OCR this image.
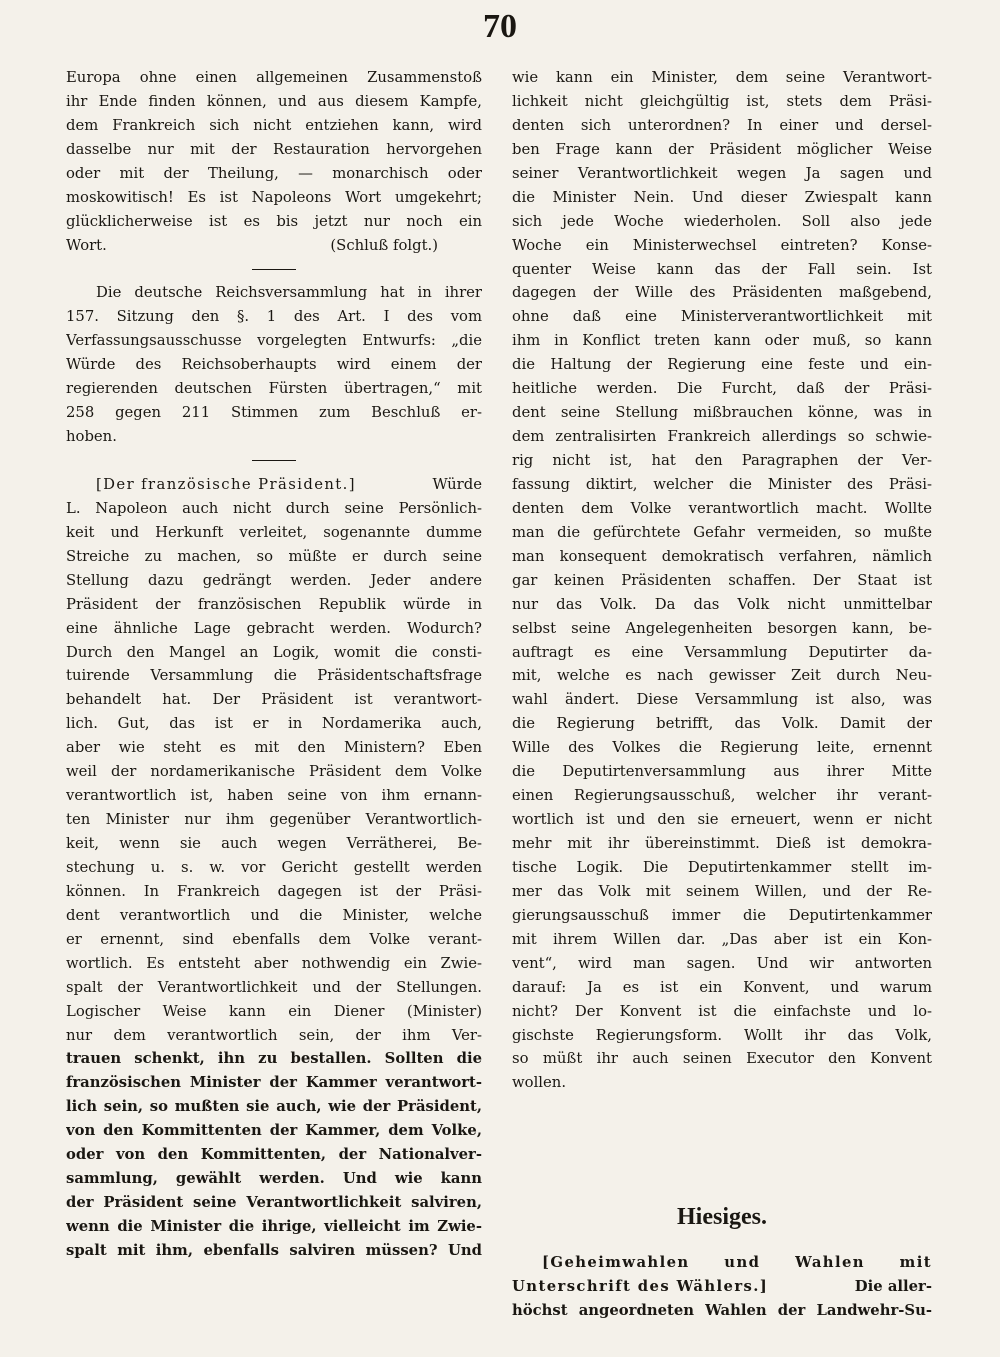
70
Europa ohne einen allgemeinen Zusammenstoß
ihr Ende finden können, und aus diesem Kampfe,
dem Frankreich sich nicht entziehen kann, wird
dasselbe nur mit der Restauration hervorgehen
oder mit der Theilung, — monarchisch oder
moskowitisch! Es ist Napoleons Wort umgekehrt;
glücklicherweise ist es bis jetzt nur noch ein
Wort.	(Schluß folgt.)
Die deutsche Reichsversammlung hat in ihrer
157. Sitzung den §. 1 des Art. I des vom
Verfassungsausschusse vorgelegten Entwurfs: „die
Würde des Reichsoberhaupts wird einem der
regierenden deutschen Fürsten übertragen,“ mit
258 gegen 211 Stimmen zum Beschluß er-
hoben.
[Der französische Präsident.]	Würde
L. Napoleon auch nicht durch seine Persönlich-
keit und Herkunft verleitet, sogenannte dumme
Streiche zu machen, so müßte er durch seine
Stellung dazu gedrängt werden. Jeder andere
Präsident der französischen Republik würde in
eine ähnliche Lage gebracht werden. Wodurch?
Durch den Mangel an Logik, womit die consti-
tuirende Versammlung die Präsidentschaftsfrage
behandelt hat. Der Präsident ist verantwort-
lich. Gut, das ist er in Nordamerika auch,
aber wie steht es mit den Ministern? Eben
weil der nordamerikanische Präsident dem Volke
verantwortlich ist, haben seine von ihm ernann-
ten Minister nur ihm gegenüber Verantwortlich-
keit, wenn sie auch wegen Verrätherei, Be-
stechung u. s. w. vor Gericht gestellt werden
können. In Frankreich dagegen ist der Präsi-
dent verantwortlich und die Minister, welche
er ernennt, sind ebenfalls dem Volke verant-
wortlich. Es entsteht aber nothwendig ein Zwie-
spalt der Verantwortlichkeit und der Stellungen.
Logischer Weise kann ein Diener (Minister)
nur dem verantwortlich sein, der ihm Ver-
trauen schenkt, ihn zu bestallen. Sollten die
französischen Minister der Kammer verantwort-
lich sein, so mußten sie auch, wie der Präsident,
von den Kommittenten der Kammer, dem Volke,
oder von den Kommittenten, der Nationalver-
sammlung, gewählt werden. Und wie kann
der Präsident seine Verantwortlichkeit salviren,
wenn die Minister die ihrige, vielleicht im Zwie-
spalt mit ihm, ebenfalls salviren müssen? Und
wie kann ein Minister, dem seine Verantwort-
lichkeit nicht gleichgültig ist, stets dem Präsi-
denten sich unterordnen? In einer und dersel-
ben Frage kann der Präsident möglicher Weise
seiner Verantwortlichkeit wegen Ja sagen und
die Minister Nein. Und dieser Zwiespalt kann
sich jede Woche wiederholen. Soll also jede
Woche ein Ministerwechsel eintreten? Konse-
quenter Weise kann das der Fall sein. Ist
dagegen der Wille des Präsidenten maßgebend,
ohne daß eine Ministerverantwortlichkeit mit
ihm in Konflict treten kann oder muß, so kann
die Haltung der Regierung eine feste und ein-
heitliche werden. Die Furcht, daß der Präsi-
dent seine Stellung mißbrauchen könne, was in
dem zentralisirten Frankreich allerdings so schwie-
rig nicht ist, hat den Paragraphen der Ver-
fassung diktirt, welcher die Minister des Präsi-
denten dem Volke verantwortlich macht. Wollte
man die gefürchtete Gefahr vermeiden, so mußte
man konsequent demokratisch verfahren, nämlich
gar keinen Präsidenten schaffen. Der Staat ist
nur das Volk. Da das Volk nicht unmittelbar
selbst seine Angelegenheiten besorgen kann, be-
auftragt es eine Versammlung Deputirter da-
mit, welche es nach gewisser Zeit durch Neu-
wahl ändert. Diese Versammlung ist also, was
die Regierung betrifft, das Volk. Damit der
Wille des Volkes die Regierung leite, ernennt
die Deputirtenversammlung aus ihrer Mitte
einen Regierungsausschuß, welcher ihr verant-
wortlich ist und den sie erneuert, wenn er nicht
mehr mit ihr übereinstimmt. Dieß ist demokra-
tische Logik. Die Deputirtenkammer stellt im-
mer das Volk mit seinem Willen, und der Re-
gierungsausschuß immer die Deputirtenkammer
mit ihrem Willen dar. „Das aber ist ein Kon-
vent“, wird man sagen. Und wir antworten
darauf: Ja es ist ein Konvent, und warum
nicht? Der Konvent ist die einfachste und lo-
gischste Regierungsform. Wollt ihr das Volk,
so müßt ihr auch seinen Executor den Konvent
wollen.
Hiesiges.
[Geheimwahlen und Wahlen mit
Unterschrift des Wählers.]	Die aller-
höchst angeordneten Wahlen der Landwehr-Su-
